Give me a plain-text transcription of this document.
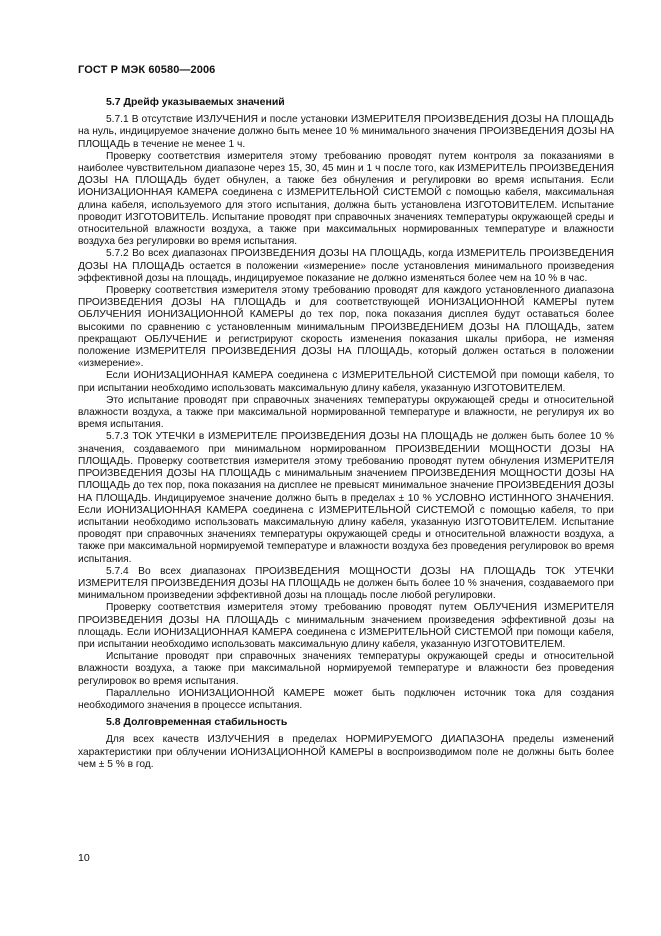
ГОСТ Р МЭК 60580—2006
5.7 Дрейф указываемых значений

5.7.1 В отсутствие ИЗЛУЧЕНИЯ и после установки ИЗМЕРИТЕЛЯ ПРОИЗВЕДЕНИЯ ДОЗЫ НА ПЛОЩАДЬ на нуль, индицируемое значение должно быть менее 10 % минимального значения ПРОИЗВЕДЕНИЯ ДОЗЫ НА ПЛОЩАДЬ в течение не менее 1 ч.

Проверку соответствия измерителя этому требованию проводят путем контроля за показаниями в наиболее чувствительном диапазоне через 15, 30, 45 мин и 1 ч после того, как ИЗМЕРИТЕЛЬ ПРОИЗВЕДЕНИЯ ДОЗЫ НА ПЛОЩАДЬ будет обнулен, а также без обнуления и регулировки во время испытания. Если ИОНИЗАЦИОННАЯ КАМЕРА соединена с ИЗМЕРИТЕЛЬНОЙ СИСТЕМОЙ с помощью кабеля, максимальная длина кабеля, используемого для этого испытания, должна быть установлена ИЗГОТОВИТЕЛЕМ. Испытание проводит ИЗГОТОВИТЕЛЬ. Испытание проводят при справочных значениях температуры окружающей среды и относительной влажности воздуха, а также при максимальных нормированных температуре и влажности воздуха без регулировки во время испытания.

5.7.2 Во всех диапазонах ПРОИЗВЕДЕНИЯ ДОЗЫ НА ПЛОЩАДЬ, когда ИЗМЕРИТЕЛЬ ПРОИЗВЕДЕНИЯ ДОЗЫ НА ПЛОЩАДЬ остается в положении «измерение» после установления минимального произведения эффективной дозы на площадь, индицируемое показание не должно изменяться более чем на 10 % в час.

Проверку соответствия измерителя этому требованию проводят для каждого установленного диапазона ПРОИЗВЕДЕНИЯ ДОЗЫ НА ПЛОЩАДЬ и для соответствующей ИОНИЗАЦИОННОЙ КАМЕРЫ путем ОБЛУЧЕНИЯ ИОНИЗАЦИОННОЙ КАМЕРЫ до тех пор, пока показания дисплея будут оставаться более высокими по сравнению с установленным минимальным ПРОИЗВЕДЕНИЕМ ДОЗЫ НА ПЛОЩАДЬ, затем прекращают ОБЛУЧЕНИЕ и регистрируют скорость изменения показания шкалы прибора, не изменяя положение ИЗМЕРИТЕЛЯ ПРОИЗВЕДЕНИЯ ДОЗЫ НА ПЛОЩАДЬ, который должен остаться в положении «измерение».

Если ИОНИЗАЦИОННАЯ КАМЕРА соединена с ИЗМЕРИТЕЛЬНОЙ СИСТЕМОЙ при помощи кабеля, то при испытании необходимо использовать максимальную длину кабеля, указанную ИЗГОТОВИТЕЛЕМ.

Это испытание проводят при справочных значениях температуры окружающей среды и относительной влажности воздуха, а также при максимальной нормированной температуре и влажности, не регулируя их во время испытания.

5.7.3 ТОК УТЕЧКИ в ИЗМЕРИТЕЛЕ ПРОИЗВЕДЕНИЯ ДОЗЫ НА ПЛОЩАДЬ не должен быть более 10 % значения, создаваемого при минимальном нормированном ПРОИЗВЕДЕНИИ МОЩНОСТИ ДОЗЫ НА ПЛОЩАДЬ. Проверку соответствия измерителя этому требованию проводят путем обнуления ИЗМЕРИТЕЛЯ ПРОИЗВЕДЕНИЯ ДОЗЫ НА ПЛОЩАДЬ с минимальным значением ПРОИЗВЕДЕНИЯ МОЩНОСТИ ДОЗЫ НА ПЛОЩАДЬ до тех пор, пока показания на дисплее не превысят минимальное значение ПРОИЗВЕДЕНИЯ ДОЗЫ НА ПЛОЩАДЬ. Индицируемое значение должно быть в пределах ± 10 % УСЛОВНО ИСТИННОГО ЗНАЧЕНИЯ. Если ИОНИЗАЦИОННАЯ КАМЕРА соединена с ИЗМЕРИТЕЛЬНОЙ СИСТЕМОЙ с помощью кабеля, то при испытании необходимо использовать максимальную длину кабеля, указанную ИЗГОТОВИТЕЛЕМ. Испытание проводят при справочных значениях температуры окружающей среды и относительной влажности воздуха, а также при максимальной нормируемой температуре и влажности воздуха без проведения регулировок во время испытания.

5.7.4 Во всех диапазонах ПРОИЗВЕДЕНИЯ МОЩНОСТИ ДОЗЫ НА ПЛОЩАДЬ ТОК УТЕЧКИ ИЗМЕРИТЕЛЯ ПРОИЗВЕДЕНИЯ ДОЗЫ НА ПЛОЩАДЬ не должен быть более 10 % значения, создаваемого при минимальном произведении эффективной дозы на площадь после любой регулировки.

Проверку соответствия измерителя этому требованию проводят путем ОБЛУЧЕНИЯ ИЗМЕРИТЕЛЯ ПРОИЗВЕДЕНИЯ ДОЗЫ НА ПЛОЩАДЬ с минимальным значением произведения эффективной дозы на площадь. Если ИОНИЗАЦИОННАЯ КАМЕРА соединена с ИЗМЕРИТЕЛЬНОЙ СИСТЕМОЙ при помощи кабеля, при испытании необходимо использовать максимальную длину кабеля, указанную ИЗГОТОВИТЕЛЕМ.

Испытание проводят при справочных значениях температуры окружающей среды и относительной влажности воздуха, а также при максимальной нормируемой температуре и влажности без проведения регулировок во время испытания.

Параллельно ИОНИЗАЦИОННОЙ КАМЕРЕ может быть подключен источник тока для создания необходимого значения в процессе испытания.

5.8 Долговременная стабильность

Для всех качеств ИЗЛУЧЕНИЯ в пределах НОРМИРУЕМОГО ДИАПАЗОНА пределы изменений характеристики при облучении ИОНИЗАЦИОННОЙ КАМЕРЫ в воспроизводимом поле не должны быть более чем ± 5 % в год.

10
